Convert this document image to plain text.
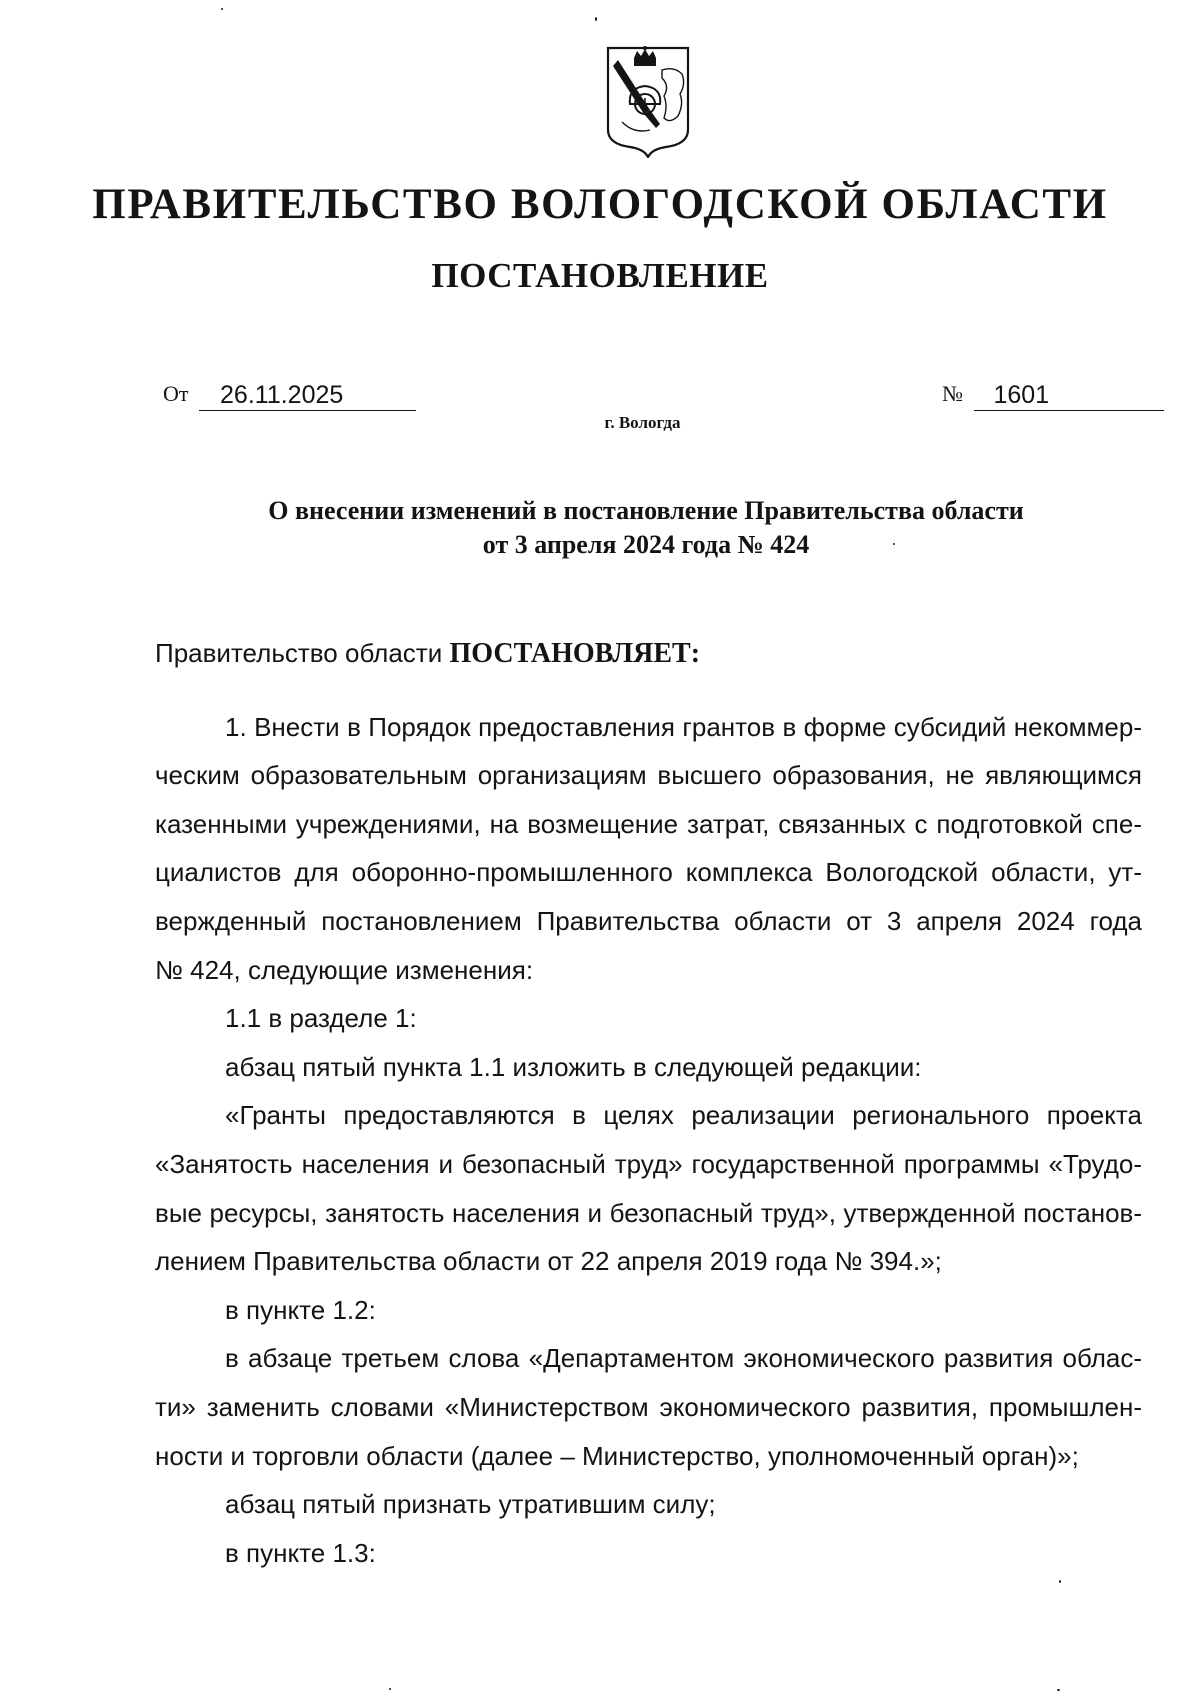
ПРАВИТЕЛЬСТВО ВОЛОГОДСКОЙ ОБЛАСТИ
ПОСТАНОВЛЕНИЕ
От 26.11.2025	№ 1601
г. Вологда
О внесении изменений в постановление Правительства области
от 3 апреля 2024 года № 424

Правительство области ПОСТАНОВЛЯЕТ:

1. Внести в Порядок предоставления грантов в форме субсидий некоммер-
ческим образовательным организациям высшего образования, не являющимся
казенными учреждениями, на возмещение затрат, связанных с подготовкой спе-
циалистов для оборонно-промышленного комплекса Вологодской области, ут-
вержденный постановлением Правительства области от 3 апреля 2024 года
№ 424, следующие изменения:

1.1 в разделе 1:

абзац пятый пункта 1.1 изложить в следующей редакции:

«Гранты предоставляются в целях реализации регионального проекта
«Занятость населения и безопасный труд» государственной программы «Трудо-
вые ресурсы, занятость населения и безопасный труд», утвержденной постанов-
лением Правительства области от 22 апреля 2019 года № 394.»;

в пункте 1.2:

в абзаце третьем слова «Департаментом экономического развития облас-
ти» заменить словами «Министерством экономического развития, промышлен-
ности и торговли области (далее – Министерство, уполномоченный орган)»;

абзац пятый признать утратившим силу;

в пункте 1.3:
